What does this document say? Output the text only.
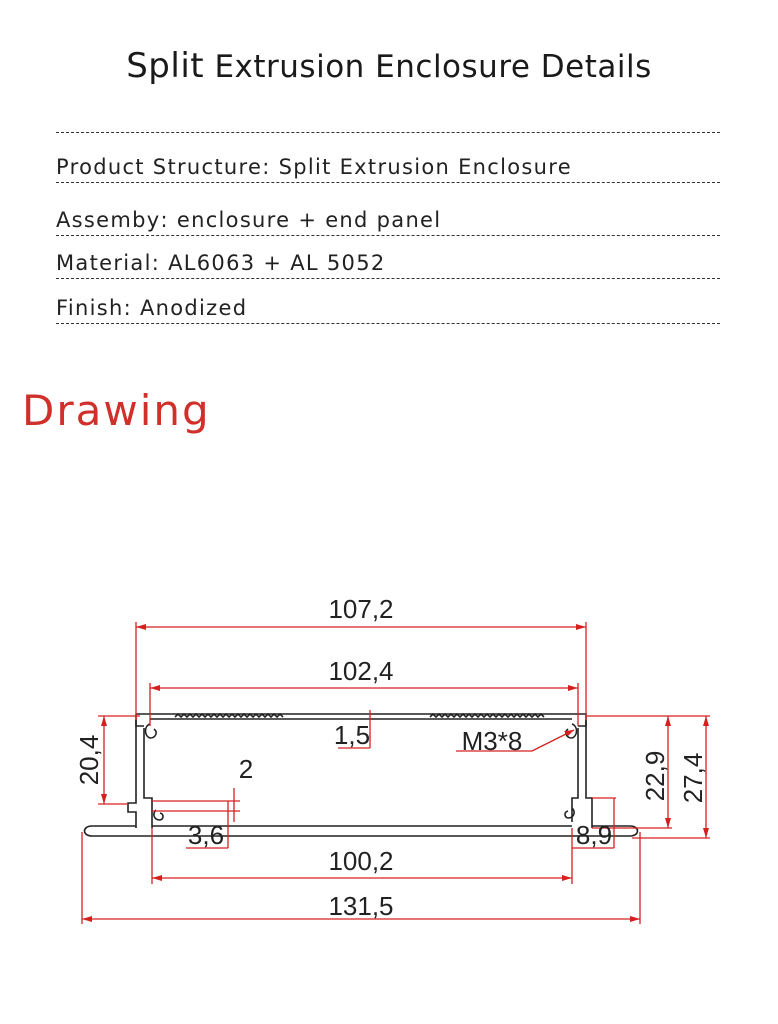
Split Extrusion Enclosure Details
Product Structure: Split Extrusion Enclosure
Assemby: enclosure + end panel
Material: AL6063 + AL 5052
Finish: Anodized
Drawing
107,2
102,4
1,5	M3*8
2
3,6	8,9
100,2
131,5
20,4	22,9 27,4
